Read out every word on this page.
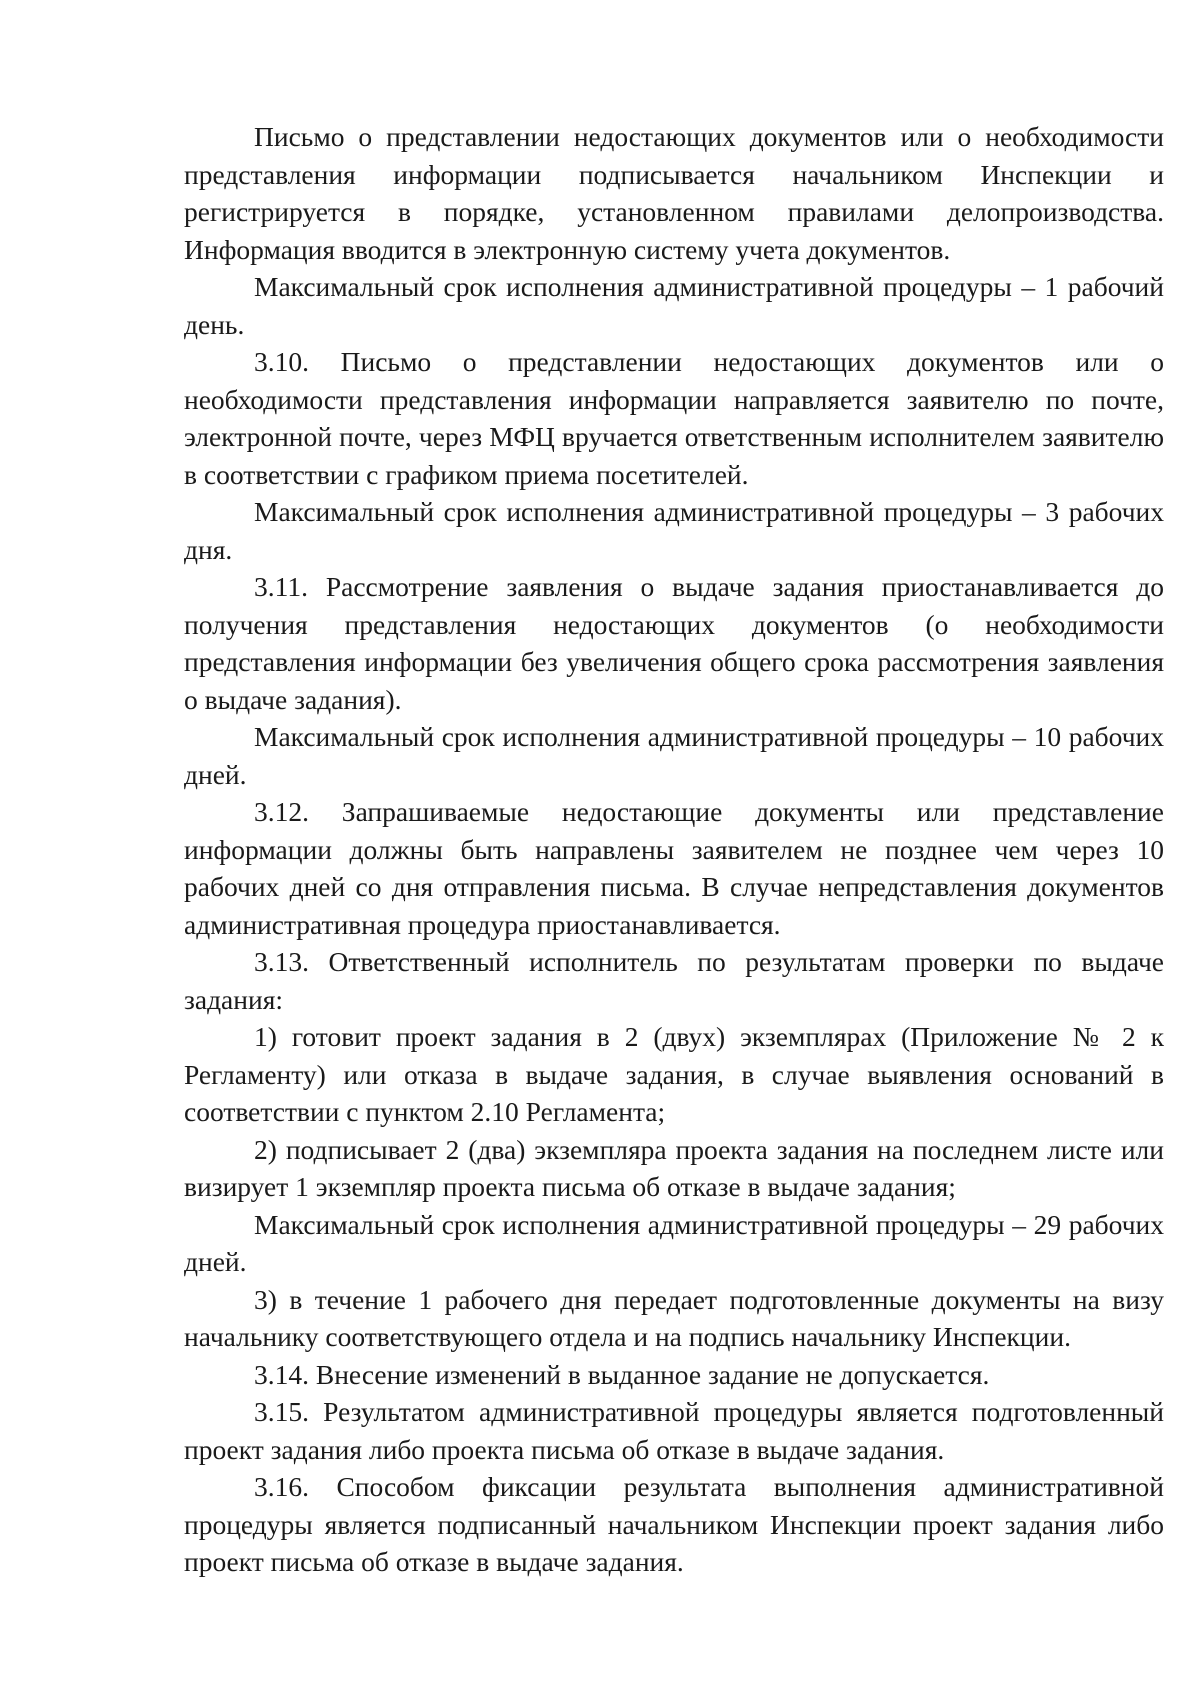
Письмо о представлении недостающих документов или о необходимости представления информации подписывается начальником Инспекции и регистрируется в порядке, установленном правилами делопроизводства. Информация вводится в электронную систему учета документов.

Максимальный срок исполнения административной процедуры – 1 рабочий день.

3.10. Письмо о представлении недостающих документов или о необходимости представления информации направляется заявителю по почте, электронной почте, через МФЦ вручается ответственным исполнителем заявителю в соответствии с графиком приема посетителей.

Максимальный срок исполнения административной процедуры – 3 рабочих дня.

3.11. Рассмотрение заявления о выдаче задания приостанавливается до получения представления недостающих документов (о необходимости представления информации без увеличения общего срока рассмотрения заявления о выдаче задания).

Максимальный срок исполнения административной процедуры – 10 рабочих дней.

3.12. Запрашиваемые недостающие документы или представление информации должны быть направлены заявителем не позднее чем через 10 рабочих дней со дня отправления письма. В случае непредставления документов административная процедура приостанавливается.

3.13. Ответственный исполнитель по результатам проверки по выдаче задания:

1) готовит проект задания в 2 (двух) экземплярах (Приложение № 2 к Регламенту) или отказа в выдаче задания, в случае выявления оснований в соответствии с пунктом 2.10 Регламента;

2) подписывает 2 (два) экземпляра проекта задания на последнем листе или визирует 1 экземпляр проекта письма об отказе в выдаче задания;

Максимальный срок исполнения административной процедуры – 29 рабочих дней.

3) в течение 1 рабочего дня передает подготовленные документы на визу начальнику соответствующего отдела и на подпись начальнику Инспекции.

3.14. Внесение изменений в выданное задание не допускается.

3.15. Результатом административной процедуры является подготовленный проект задания либо проекта письма об отказе в выдаче задания.

3.16. Способом фиксации результата выполнения административной процедуры является подписанный начальником Инспекции проект задания либо проект письма об отказе в выдаче задания.
